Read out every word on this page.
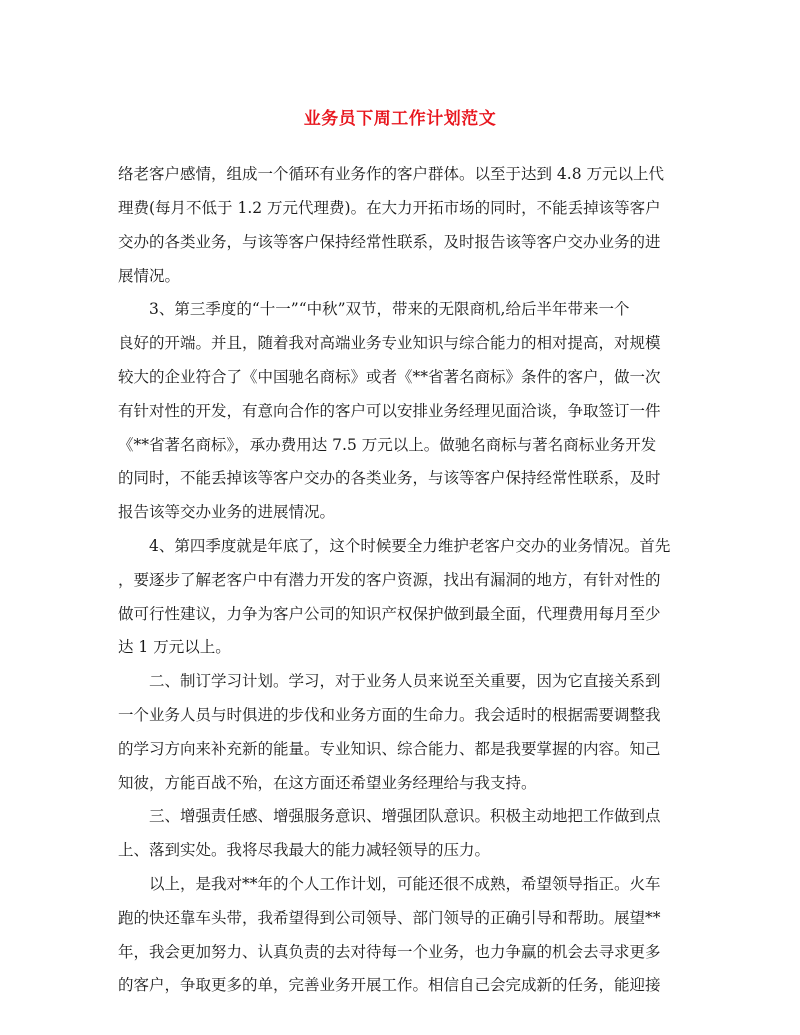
业务员下周工作计划范文
络老客户感情，组成一个循环有业务作的客户群体。以至于达到 4.8 万元以上代
理费(每月不低于 1.2 万元代理费)。在大力开拓市场的同时，不能丢掉该等客户
交办的各类业务，与该等客户保持经常性联系，及时报告该等客户交办业务的进
展情况。
3、第三季度的“十一”“中秋”双节，带来的无限商机,给后半年带来一个
良好的开端。并且，随着我对高端业务专业知识与综合能力的相对提高，对规模
较大的企业符合了《中国驰名商标》或者《**省著名商标》条件的客户，做一次
有针对性的开发，有意向合作的客户可以安排业务经理见面洽谈，争取签订一件
《**省著名商标》，承办费用达 7.5 万元以上。做驰名商标与著名商标业务开发
的同时，不能丢掉该等客户交办的各类业务，与该等客户保持经常性联系，及时
报告该等交办业务的进展情况。
4、第四季度就是年底了，这个时候要全力维护老客户交办的业务情况。首先
，要逐步了解老客户中有潜力开发的客户资源，找出有漏洞的地方，有针对性的
做可行性建议，力争为客户公司的知识产权保护做到最全面，代理费用每月至少
达 1 万元以上。
二、制订学习计划。学习，对于业务人员来说至关重要，因为它直接关系到
一个业务人员与时俱进的步伐和业务方面的生命力。我会适时的根据需要调整我
的学习方向来补充新的能量。专业知识、综合能力、都是我要掌握的内容。知己
知彼，方能百战不殆，在这方面还希望业务经理给与我支持。
三、增强责任感、增强服务意识、增强团队意识。积极主动地把工作做到点
上、落到实处。我将尽我最大的能力减轻领导的压力。
以上，是我对**年的个人工作计划，可能还很不成熟，希望领导指正。火车
跑的快还靠车头带，我希望得到公司领导、部门领导的正确引导和帮助。展望**
年，我会更加努力、认真负责的去对待每一个业务，也力争赢的机会去寻求更多
的客户，争取更多的单，完善业务开展工作。相信自己会完成新的任务，能迎接
